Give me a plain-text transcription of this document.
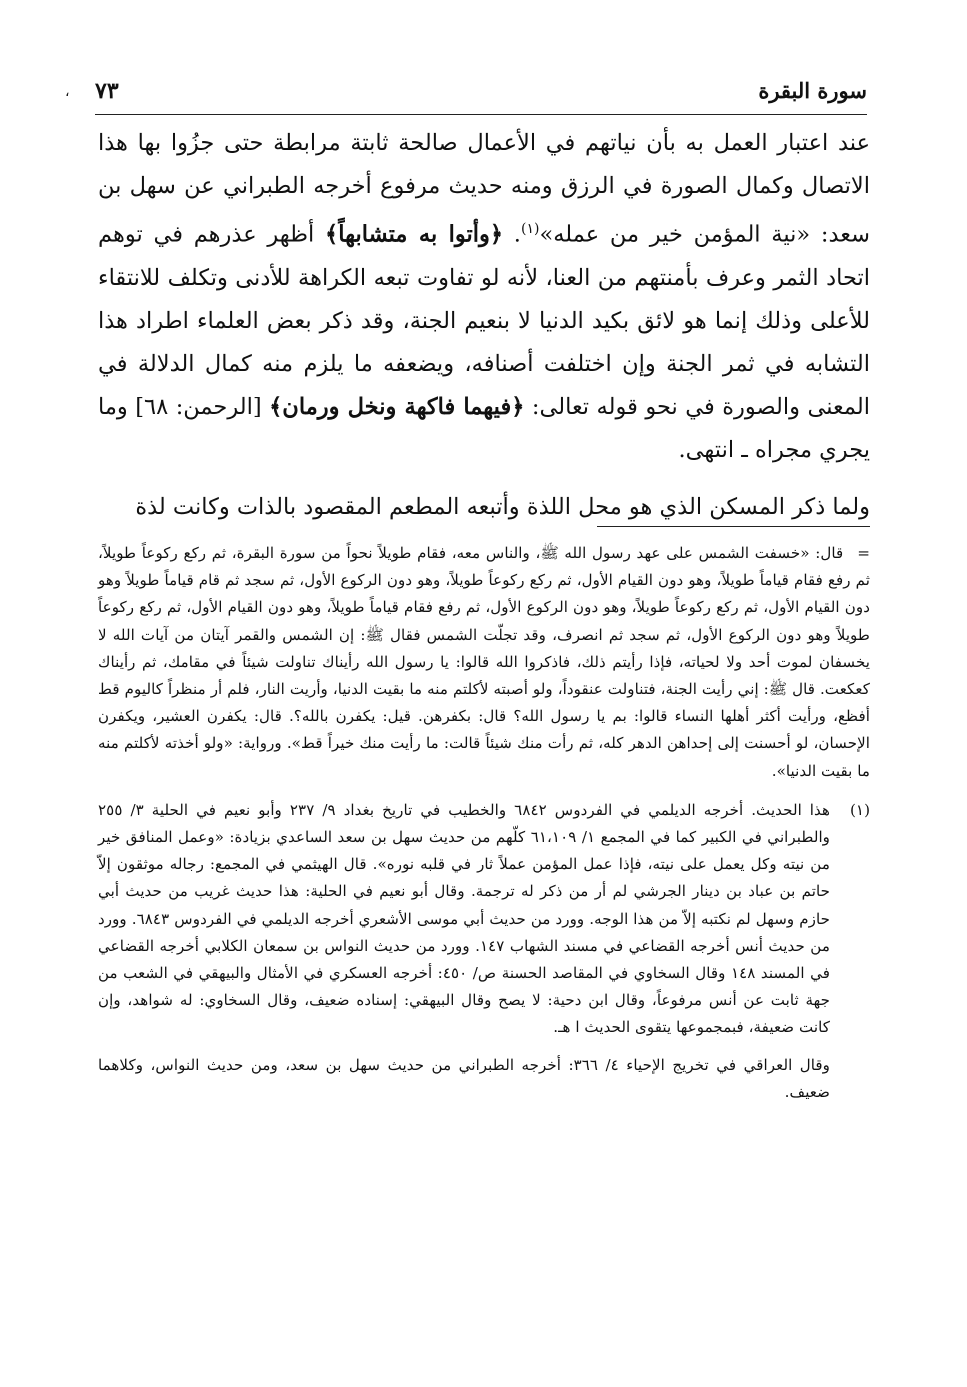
سورة البقرة
٧٣
،

عند اعتبار العمل به بأن نياتهم في الأعمال صالحة ثابتة مرابطة حتى جزُوا بها هذا الاتصال وكمال الصورة في الرزق ومنه حديث مرفوع أخرجه الطبراني عن سهل بن سعد: «نية المؤمن خير من عمله»$^{(١)}$. ﴿وأتوا به متشابهاً﴾ أظهر عذرهم في توهم اتحاد الثمر وعرف بأمنتهم من العنا، لأنه لو تفاوت تبعه الكراهة للأدنى وتكلف للانتقاء للأعلى وذلك إنما هو لائق بكيد الدنيا لا بنعيم الجنة، وقد ذكر بعض العلماء اطراد هذا التشابه في ثمر الجنة وإن اختلفت أصنافه، ويضعفه ما يلزم منه كمال الدلالة في المعنى والصورة في نحو قوله تعالى: ﴿فيهما فاكهة ونخل ورمان﴾ [الرحمن: ٦٨] وما يجري مجراه ـ انتهى.

ولما ذكر المسكن الذي هو محل اللذة وأتبعه المطعم المقصود بالذات وكانت لذة

=قال: «خسفت الشمس على عهد رسول الله ﷺ، والناس معه، فقام طويلاً نحواً من سورة البقرة، ثم ركع ركوعاً طويلاً، ثم رفع فقام قياماً طويلاً، وهو دون القيام الأول، ثم ركع ركوعاً طويلاً، وهو دون الركوع الأول، ثم سجد ثم قام قياماً طويلاً وهو دون القيام الأول، ثم ركع ركوعاً طويلاً، وهو دون الركوع الأول، ثم رفع فقام قياماً طويلاً، وهو دون القيام الأول، ثم ركع ركوعاً طويلاً وهو دون الركوع الأول، ثم سجد ثم انصرف، وقد تجلّت الشمس فقال ﷺ: إن الشمس والقمر آيتان من آيات الله لا يخسفان لموت أحد ولا لحياته، فإذا رأيتم ذلك، فاذكروا الله قالوا: يا رسول الله رأيناك تناولت شيئاً في مقامك، ثم رأيناك كعكعت. قال ﷺ: إني رأيت الجنة، فتناولت عنقوداً، ولو أصبته لأكلتم منه ما بقيت الدنيا، وأريت النار، فلم أر منظراً كاليوم قط أفظع، ورأيت أكثر أهلها النساء قالوا: بم يا رسول الله؟ قال: بكفرهن. قيل: يكفرن بالله؟. قال: يكفرن العشير، ويكفرن الإحسان، لو أحسنت إلى إحداهن الدهر كله، ثم رأت منك شيئاً قالت: ما رأيت منك خيراً قط». ورواية: «ولو أخذته لأكلتم منه ما بقيت الدنيا».

(١)
هذا الحديث. أخرجه الديلمي في الفردوس ٦٨٤٢ والخطيب في تاريخ بغداد ٩/ ٢٣٧ وأبو نعيم في الحلية ٣/ ٢٥٥ والطبراني في الكبير كما في المجمع ١/ ٦١،١٠٩ كلّهم من حديث سهل بن سعد الساعدي بزيادة: «وعمل المنافق خير من نيته وكل يعمل على نيته، فإذا عمل المؤمن عملاً ثار في قلبه نوره». قال الهيثمي في المجمع: رجاله موثقون إلاّ حاتم بن عباد بن دينار الجرشي لم أر من ذكر له ترجمة. وقال أبو نعيم في الحلية: هذا حديث غريب من حديث أبي حازم وسهل لم نكتبه إلاّ من هذا الوجه. وورد من حديث أبي موسى الأشعري أخرجه الديلمي في الفردوس ٦٨٤٣. وورد من حديث أنس أخرجه القضاعي في مسند الشهاب ١٤٧. وورد من حديث النواس بن سمعان الكلابي أخرجه القضاعي في المسند ١٤٨ وقال السخاوي في المقاصد الحسنة ص/ ٤٥٠: أخرجه العسكري في الأمثال والبيهقي في الشعب من جهة ثابت عن أنس مرفوعاً، وقال ابن دحية: لا يصح وقال البيهقي: إسناده ضعيف، وقال السخاوي: له شواهد، وإن كانت ضعيفة، فبمجموعها يتقوى الحديث ا هـ.

وقال العراقي في تخريج الإحياء ٤/ ٣٦٦: أخرجه الطبراني من حديث سهل بن سعد، ومن حديث النواس، وكلاهما ضعيف.
